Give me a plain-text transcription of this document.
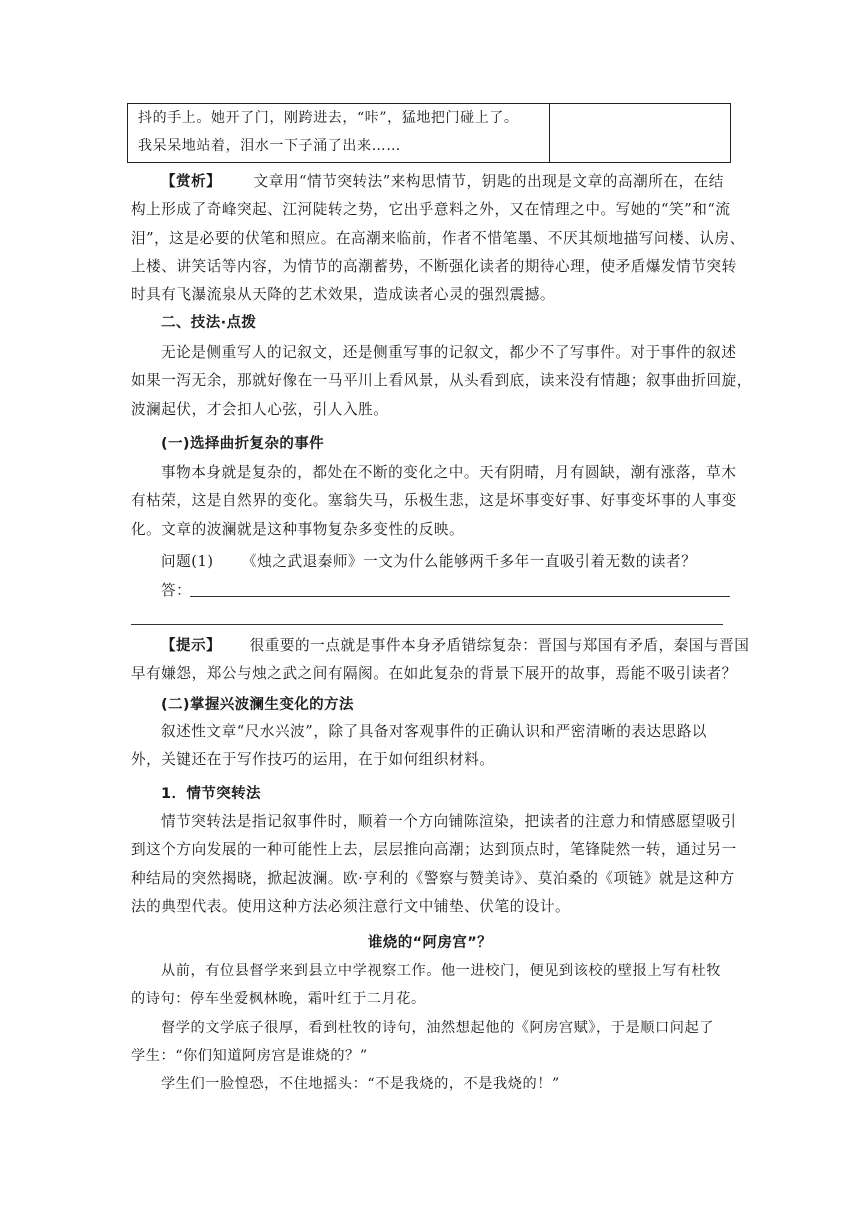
抖的手上。她开了门，刚跨进去，“咔”，猛地把门碰上了。
我呆呆地站着，泪水一下子涌了出来……
【赏析】 文章用“情节突转法”来构思情节，钥匙的出现是文章的高潮所在，在结
构上形成了奇峰突起、江河陡转之势，它出乎意料之外，又在情理之中。写她的“笑”和“流
泪”，这是必要的伏笔和照应。在高潮来临前，作者不惜笔墨、不厌其烦地描写问楼、认房、
上楼、讲笑话等内容，为情节的高潮蓄势，不断强化读者的期待心理，使矛盾爆发情节突转
时具有飞瀑流泉从天降的艺术效果，造成读者心灵的强烈震撼。
二、技法·点拨
无论是侧重写人的记叙文，还是侧重写事的记叙文，都少不了写事件。对于事件的叙述
如果一泻无余，那就好像在一马平川上看风景，从头看到底，读来没有情趣；叙事曲折回旋，
波澜起伏，才会扣人心弦，引人入胜。
(一)选择曲折复杂的事件
事物本身就是复杂的，都处在不断的变化之中。天有阴晴，月有圆缺，潮有涨落，草木
有枯荣，这是自然界的变化。塞翁失马，乐极生悲，这是坏事变好事、好事变坏事的人事变
化。文章的波澜就是这种事物复杂多变性的反映。
问题(1) 《烛之武退秦师》一文为什么能够两千多年一直吸引着无数的读者？
答：
【提示】 很重要的一点就是事件本身矛盾错综复杂：晋国与郑国有矛盾，秦国与晋国
早有嫌怨，郑公与烛之武之间有隔阂。在如此复杂的背景下展开的故事，焉能不吸引读者？
(二)掌握兴波澜生变化的方法
叙述性文章“尺水兴波”，除了具备对客观事件的正确认识和严密清晰的表达思路以
外，关键还在于写作技巧的运用，在于如何组织材料。
1．情节突转法
情节突转法是指记叙事件时，顺着一个方向铺陈渲染，把读者的注意力和情感愿望吸引
到这个方向发展的一种可能性上去，层层推向高潮；达到顶点时，笔锋陡然一转，通过另一
种结局的突然揭晓，掀起波澜。欧·亨利的《警察与赞美诗》、莫泊桑的《项链》就是这种方
法的典型代表。使用这种方法必须注意行文中铺垫、伏笔的设计。
谁烧的“阿房宫”？
从前，有位县督学来到县立中学视察工作。他一进校门，便见到该校的壁报上写有杜牧
的诗句：停车坐爱枫林晚，霜叶红于二月花。
督学的文学底子很厚，看到杜牧的诗句，油然想起他的《阿房宫赋》，于是顺口问起了
学生：“你们知道阿房宫是谁烧的？”
学生们一脸惶恐，不住地摇头：“不是我烧的，不是我烧的！”
